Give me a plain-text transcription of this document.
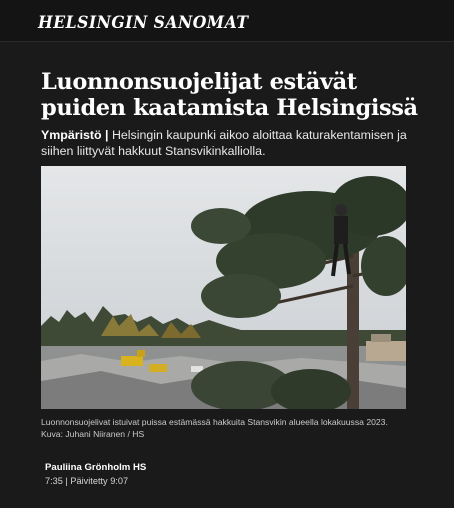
HELSINGIN SANOMAT
Luonnonsuojelijat estävät puiden kaatamista Helsingissä

Ympäristö | Helsingin kaupunki aikoo aloittaa katurakentamisen ja siihen liittyvät hakkuut Stansvikinkalliolla.

Luonnonsuojelivat istuivat puissa estämässä hakkuita Stansvikin alueella lokakuussa 2023.
Kuva: Juhani Niiranen / HS
Pauliina Grönholm HS
7:35 | Päivitetty 9:07
